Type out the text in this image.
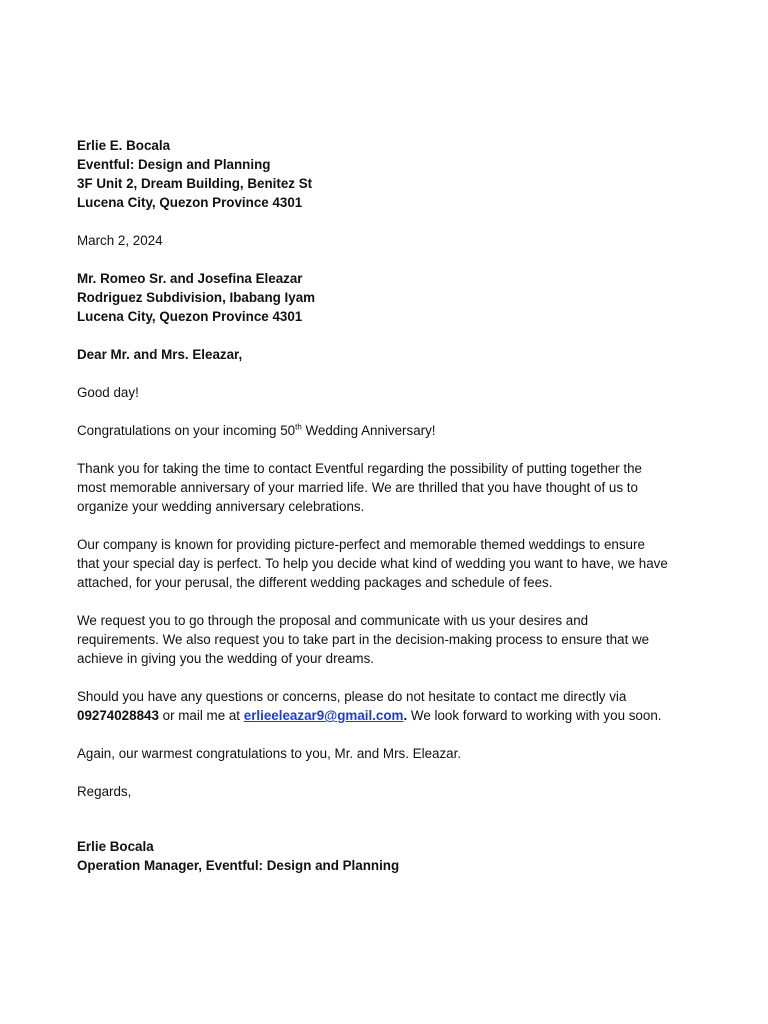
Erlie E. Bocala
Eventful: Design and Planning
3F Unit 2, Dream Building, Benitez St
Lucena City, Quezon Province 4301
March 2, 2024
Mr. Romeo Sr. and Josefina Eleazar
Rodriguez Subdivision, Ibabang Iyam
Lucena City, Quezon Province 4301
Dear Mr. and Mrs. Eleazar,
Good day!
Congratulations on your incoming 50th Wedding Anniversary!
Thank you for taking the time to contact Eventful regarding the possibility of putting together the
most memorable anniversary of your married life. We are thrilled that you have thought of us to
organize your wedding anniversary celebrations.
Our company is known for providing picture-perfect and memorable themed weddings to ensure
that your special day is perfect. To help you decide what kind of wedding you want to have, we have
attached, for your perusal, the different wedding packages and schedule of fees.
We request you to go through the proposal and communicate with us your desires and
requirements. We also request you to take part in the decision-making process to ensure that we
achieve in giving you the wedding of your dreams.
Should you have any questions or concerns, please do not hesitate to contact me directly via
09274028843 or mail me at erlieeleazar9@gmail.com. We look forward to working with you soon.
Again, our warmest congratulations to you, Mr. and Mrs. Eleazar.
Regards,
Erlie Bocala
Operation Manager, Eventful: Design and Planning
